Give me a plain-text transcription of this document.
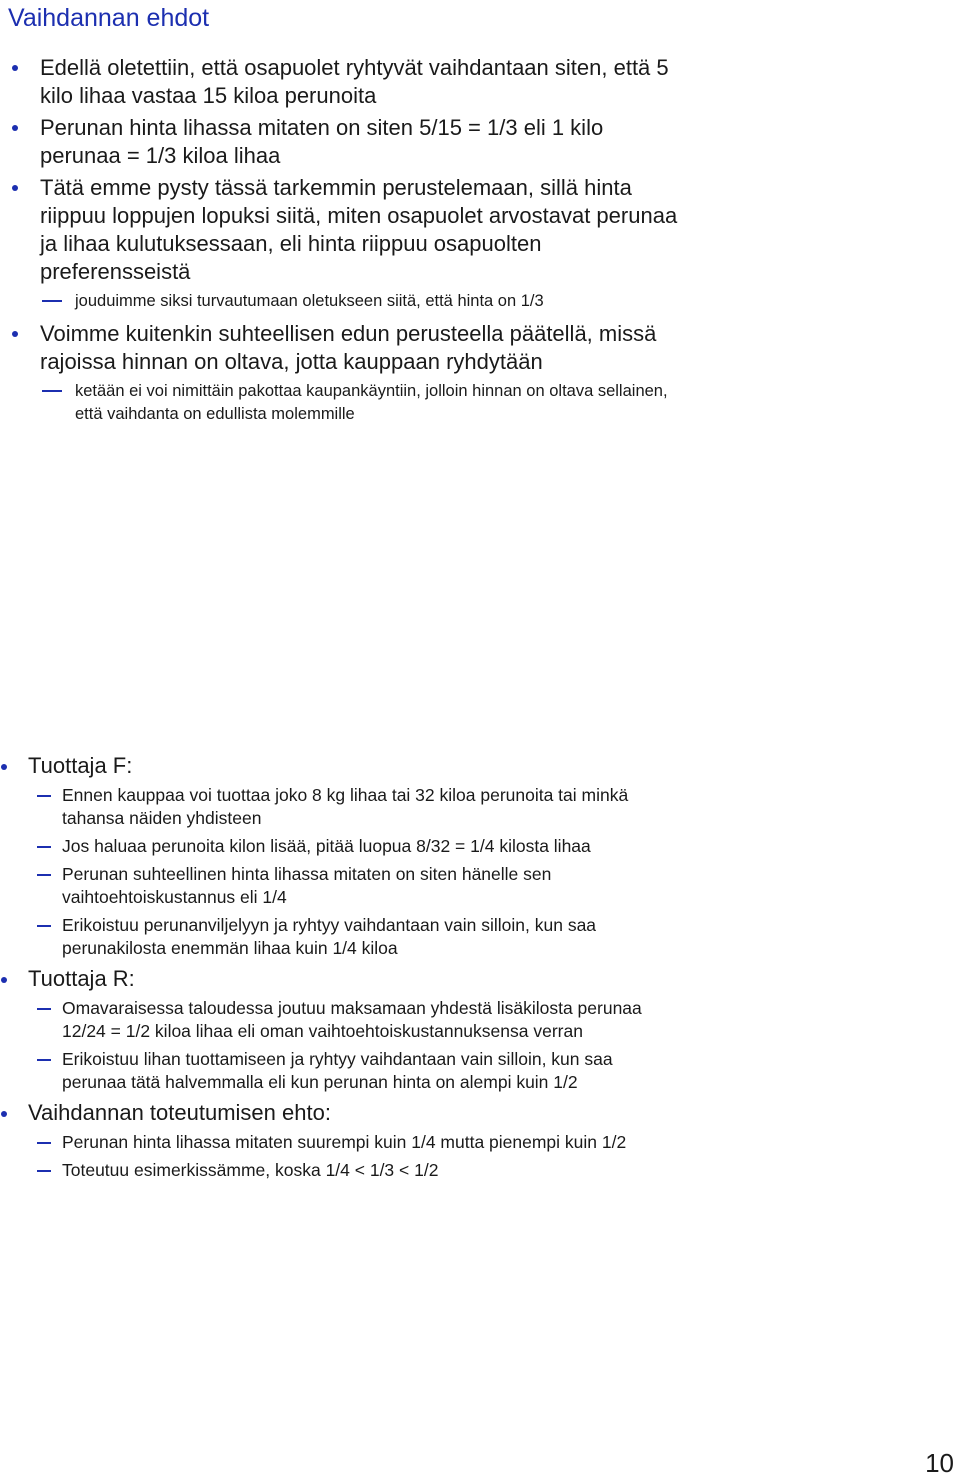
Vaihdannan ehdot
Edellä oletettiin, että osapuolet ryhtyvät vaihdantaan siten, että 5 kilo lihaa vastaa 15 kiloa perunoita
Perunan hinta lihassa mitaten on siten 5/15 = 1/3 eli 1 kilo perunaa = 1/3 kiloa lihaa
Tätä emme pysty tässä tarkemmin perustelemaan, sillä hinta riippuu loppujen lopuksi siitä, miten osapuolet arvostavat perunaa ja lihaa kulutuksessaan, eli hinta riippuu osapuolten preferensseistä
jouduimme siksi turvautumaan oletukseen siitä, että hinta on 1/3
Voimme kuitenkin suhteellisen edun perusteella päätellä, missä rajoissa hinnan on oltava, jotta kauppaan ryhdytään
ketään ei voi nimittäin pakottaa kaupankäyntiin, jolloin hinnan on oltava sellainen, että vaihdanta on edullista molemmille
Tuottaja F:
Ennen kauppaa voi tuottaa joko 8 kg lihaa tai 32 kiloa perunoita tai minkä tahansa näiden yhdisteen
Jos haluaa perunoita kilon lisää, pitää luopua 8/32 = 1/4 kilosta lihaa
Perunan suhteellinen hinta lihassa mitaten on siten hänelle sen vaihtoehtoiskustannus eli 1/4
Erikoistuu perunanviljelyyn ja ryhtyy vaihdantaan vain silloin, kun saa perunakilosta enemmän lihaa kuin 1/4 kiloa
Tuottaja R:
Omavaraisessa taloudessa joutuu maksamaan yhdestä lisäkilosta perunaa 12/24 = 1/2 kiloa lihaa eli oman vaihtoehtoiskustannuksensa verran
Erikoistuu lihan tuottamiseen ja ryhtyy vaihdantaan vain silloin, kun saa perunaa tätä halvemmalla eli kun perunan hinta on alempi kuin 1/2
Vaihdannan toteutumisen ehto:
Perunan hinta lihassa mitaten suurempi kuin 1/4 mutta pienempi kuin 1/2
Toteutuu esimerkissämme, koska 1/4 < 1/3 < 1/2
10
